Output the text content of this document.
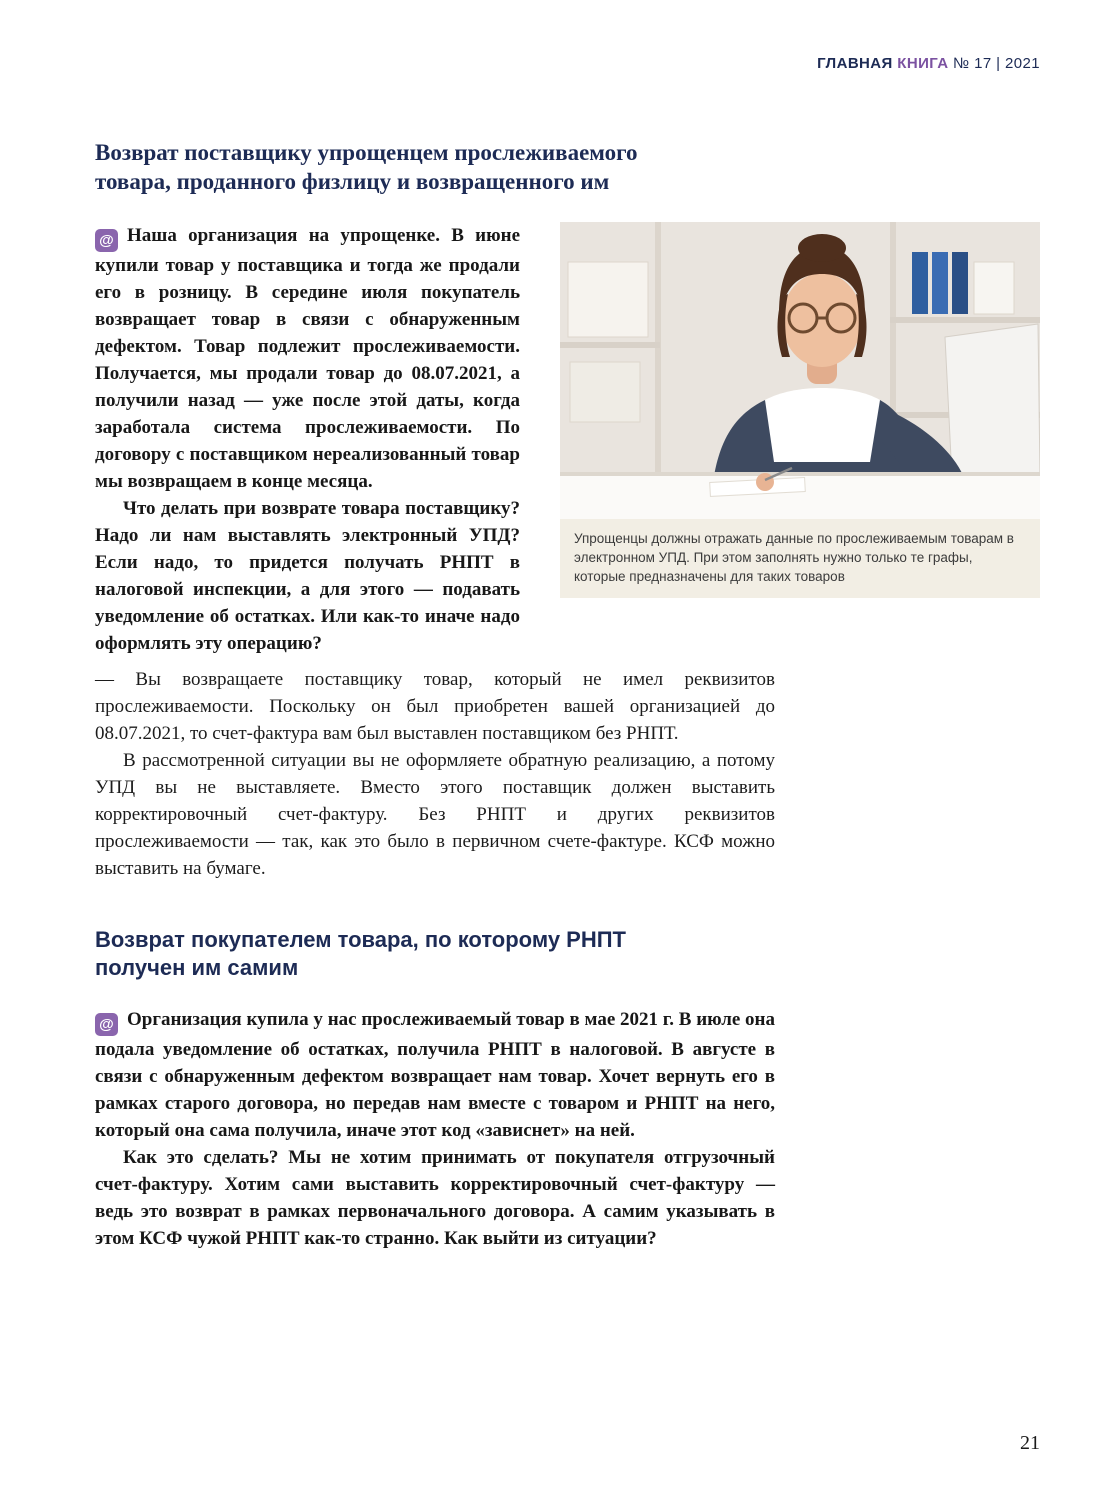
ГЛАВНАЯ КНИГА № 17 | 2021
Возврат поставщику упрощенцем прослеживаемого товара, проданного физлицу и возвращенного им
Упрощенцы должны отражать данные по прослеживаемым товарам в электронном УПД. При этом заполнять нужно только те графы, которые предназначены для таких товаров

@ Наша организация на упрощенке. В июне купили товар у поставщика и тогда же продали его в розницу. В середине июля покупатель возвращает товар в связи с обнаруженным дефектом. Товар подлежит прослеживаемости. Получается, мы продали товар до 08.07.2021, а получили назад — уже после этой даты, когда заработала система прослеживаемости. По договору с поставщиком нереализованный товар мы возвращаем в конце месяца.

Что делать при возврате товара поставщику? Надо ли нам выставлять электронный УПД? Если надо, то придется получать РНПТ в налоговой инспекции, а для этого — подавать уведомление об остатках. Или как-то иначе надо оформлять эту операцию?

— Вы возвращаете поставщику товар, который не имел реквизитов прослеживаемости. Поскольку он был приобретен вашей организацией до 08.07.2021, то счет-фактура вам был выставлен поставщиком без РНПТ.

В рассмотренной ситуации вы не оформляете обратную реализацию, а потому УПД вы не выставляете. Вместо этого поставщик должен выставить корректировочный счет-фактуру. Без РНПТ и других реквизитов прослеживаемости — так, как это было в первичном счете-фактуре. КСФ можно выставить на бумаге.

Возврат покупателем товара, по которому РНПТ получен им самим

@ Организация купила у нас прослеживаемый товар в мае 2021 г. В июле она подала уведомление об остатках, получила РНПТ в налоговой. В августе в связи с обнаруженным дефектом возвращает нам товар. Хочет вернуть его в рамках старого договора, но передав нам вместе с товаром и РНПТ на него, который она сама получила, иначе этот код «зависнет» на ней.

Как это сделать? Мы не хотим принимать от покупателя отгрузочный счет-фактуру. Хотим сами выставить корректировочный счет-фактуру — ведь это возврат в рамках первоначального договора. А самим указывать в этом КСФ чужой РНПТ как-то странно. Как выйти из ситуации?

21
